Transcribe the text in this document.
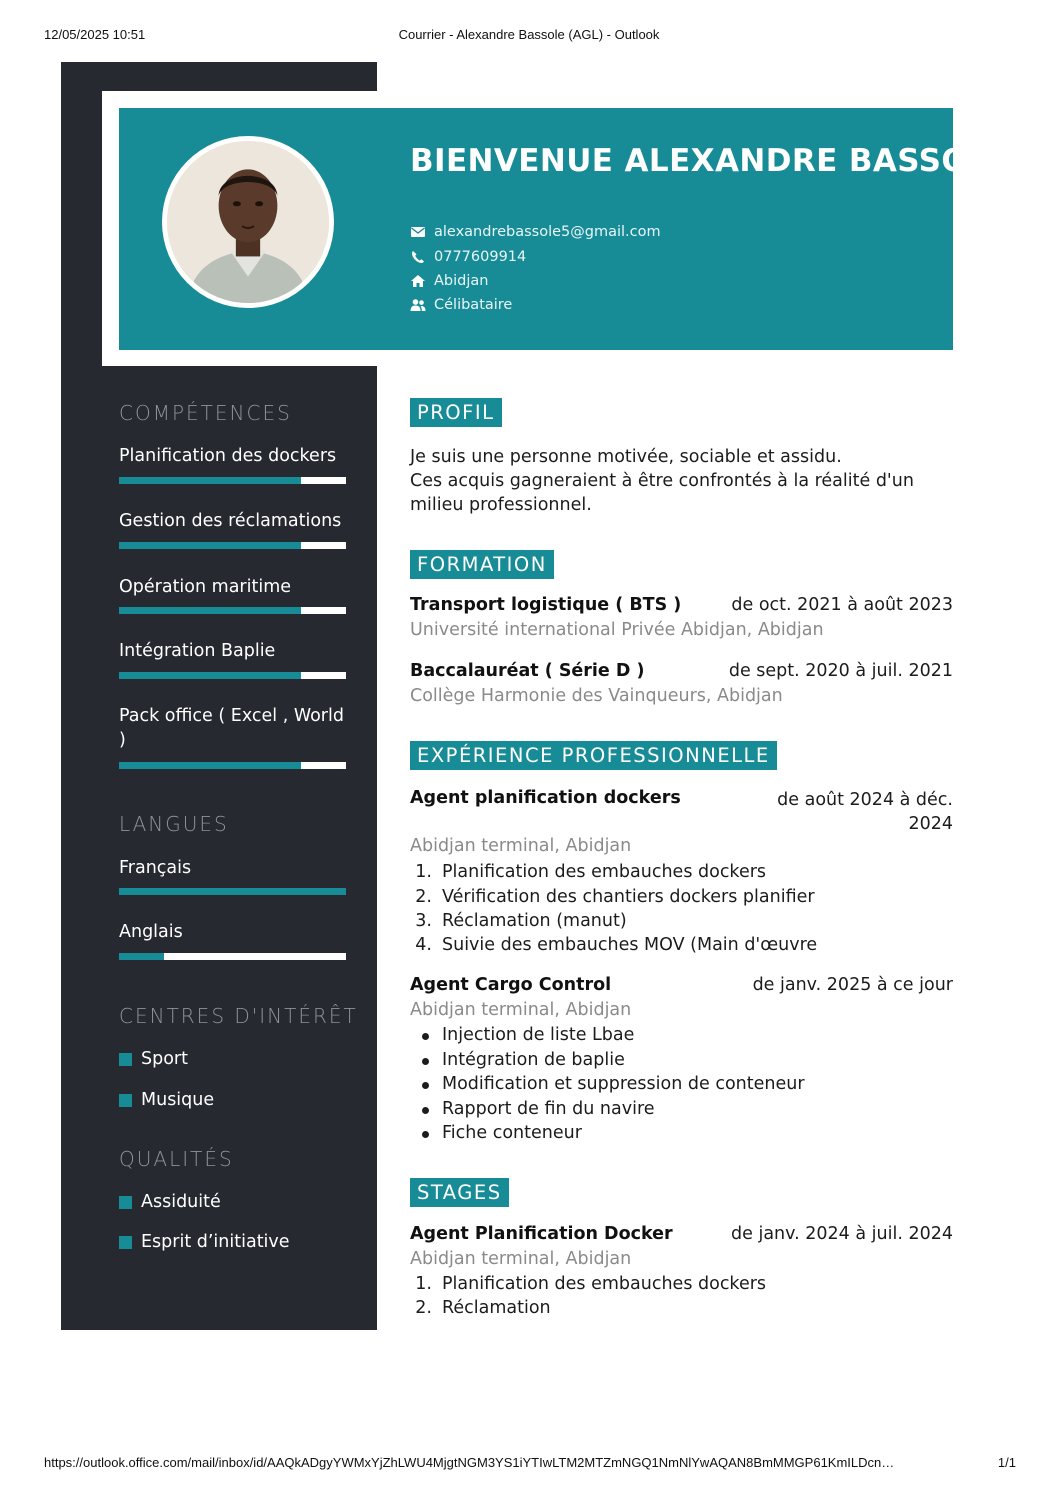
12/05/2025 10:51	Courrier - Alexandre Bassole (AGL) - Outlook
https://outlook.office.com/mail/inbox/id/AAQkADgyYWMxYjZhLWU4MjgtNGM3YS1iYTIwLTM2MTZmNGQ1NmNlYwAQAN8BmMMGP61KmILDcn…	1/1
BIENVENUE ALEXANDRE BASSOLE
alexandrebassole5@gmail.com
0777609914
Abidjan
Célibataire
COMPÉTENCES
Planification des dockers
Gestion des réclamations
Opération maritime
Intégration Baplie
Pack office ( Excel , World )
LANGUES
Français
Anglais
CENTRES D'INTÉRÊT
Sport
Musique
QUALITÉS
Assiduité
Esprit d’initiative
PROFIL
Je suis une personne motivée, sociable et assidu.
Ces acquis gagneraient à être confrontés à la réalité d'un
milieu professionnel.
FORMATION
Transport logistique ( BTS )	de oct. 2021 à août 2023
Université international Privée Abidjan, Abidjan
Baccalauréat ( Série D )	de sept. 2020 à juil. 2021
Collège Harmonie des Vainqueurs, Abidjan
EXPÉRIENCE PROFESSIONNELLE
Agent planification dockers	de août 2024 à déc. 2024
Abidjan terminal, Abidjan
1. Planification des embauches dockers
2. Vérification des chantiers dockers planifier
3. Réclamation (manut)
4. Suivie des embauches MOV (Main d'œuvre
Agent Cargo Control	de janv. 2025 à ce jour
Abidjan terminal, Abidjan
Injection de liste Lbae
Intégration de baplie
Modification et suppression de conteneur
Rapport de fin du navire
Fiche conteneur
STAGES
Agent Planification Docker	de janv. 2024 à juil. 2024
Abidjan terminal, Abidjan
1. Planification des embauches dockers
2. Réclamation
